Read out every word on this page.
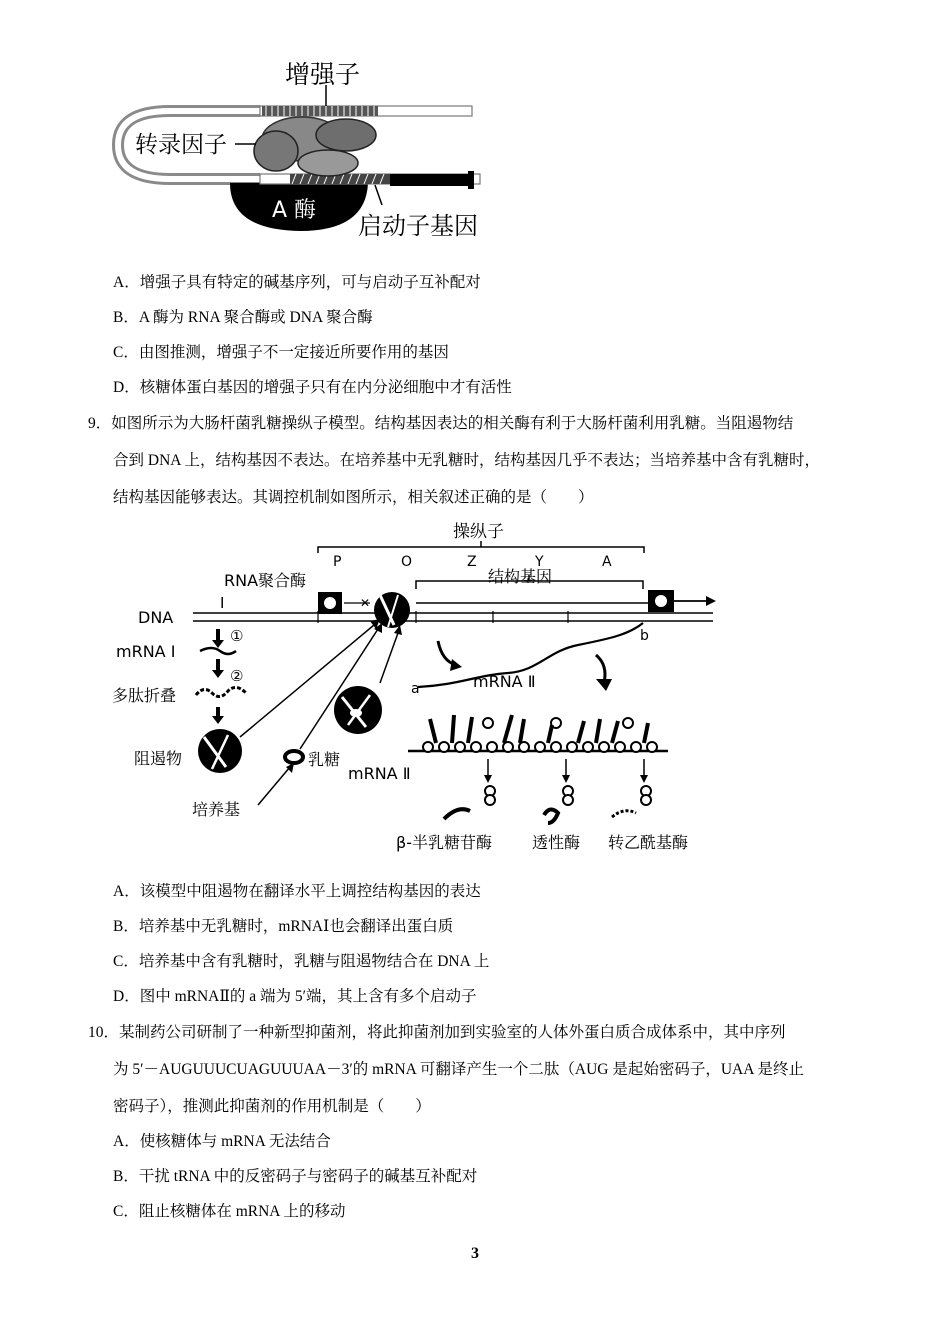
增强子
转录因子
A 酶
启动子基因
A．增强子具有特定的碱基序列，可与启动子互补配对
B．A 酶为 RNA 聚合酶或 DNA 聚合酶
C．由图推测，增强子不一定接近所要作用的基因
D．核糖体蛋白基因的增强子只有在内分泌细胞中才有活性
9．如图所示为大肠杆菌乳糖操纵子模型。结构基因表达的相关酶有利于大肠杆菌利用乳糖。当阻遏物结
合到 DNA 上，结构基因不表达。在培养基中无乳糖时，结构基因几乎不表达；当培养基中含有乳糖时，
结构基因能够表达。其调控机制如图所示，相关叙述正确的是（　　）
操纵子
P	O	Z	Y	A
结构基因
RNA聚合酶
I
DNA
✕
a
b
mRNA Ⅱ
①
mRNA Ⅰ
②
多肽折叠
阻遏物	乳糖
培养基
mRNA Ⅱ
β-半乳糖苷酶	透性酶 转乙酰基酶
A．该模型中阻遏物在翻译水平上调控结构基因的表达
B．培养基中无乳糖时，mRNAⅠ也会翻译出蛋白质
C．培养基中含有乳糖时，乳糖与阻遏物结合在 DNA 上
D．图中 mRNAⅡ的 a 端为 5′端，其上含有多个启动子
10．某制药公司研制了一种新型抑菌剂，将此抑菌剂加到实验室的人体外蛋白质合成体系中，其中序列
为 5′－AUGUUUCUAGUUUAA－3′的 mRNA 可翻译产生一个二肽（AUG 是起始密码子，UAA 是终止
密码子），推测此抑菌剂的作用机制是（　　）
A．使核糖体与 mRNA 无法结合
B．干扰 tRNA 中的反密码子与密码子的碱基互补配对
C．阻止核糖体在 mRNA 上的移动
3
